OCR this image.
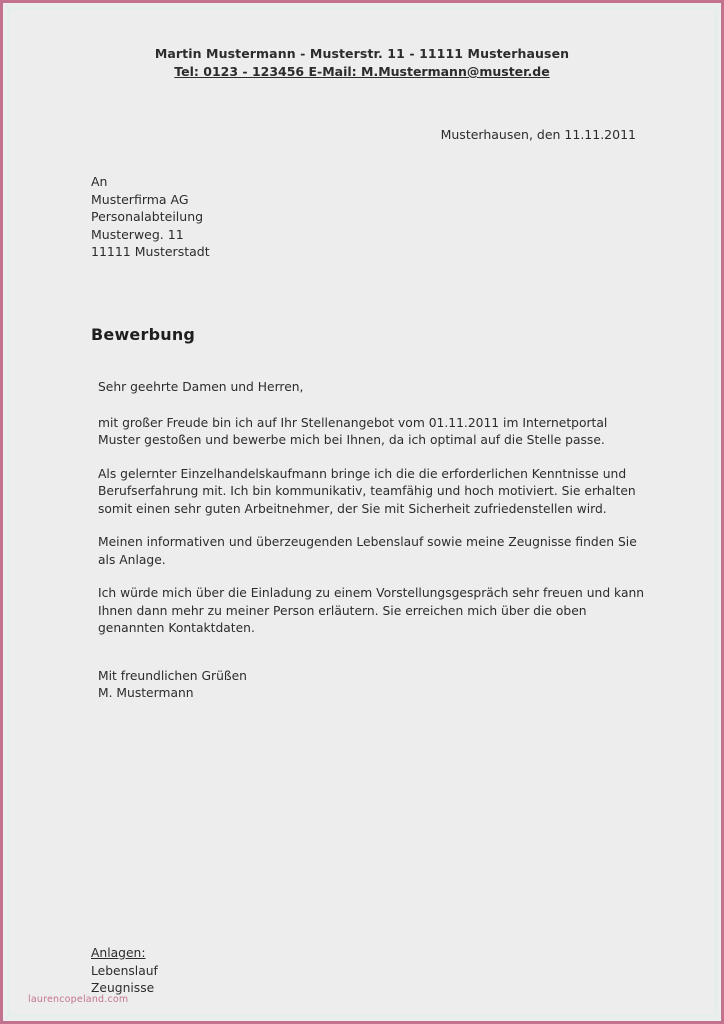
Martin Mustermann - Musterstr. 11 - 11111 Musterhausen
Tel: 0123 - 123456 E-Mail: M.Mustermann@muster.de
Musterhausen, den 11.11.2011
An
Musterfirma AG
Personalabteilung
Musterweg. 11
11111 Musterstadt
Bewerbung

Sehr geehrte Damen und Herren,

mit großer Freude bin ich auf Ihr Stellenangebot vom 01.11.2011 im Internetportal Muster gestoßen und bewerbe mich bei Ihnen, da ich optimal auf die Stelle passe.

Als gelernter Einzelhandelskaufmann bringe ich die die erforderlichen Kenntnisse und Berufserfahrung mit. Ich bin kommunikativ, teamfähig und hoch motiviert. Sie erhalten somit einen sehr guten Arbeitnehmer, der Sie mit Sicherheit zufriedenstellen wird.

Meinen informativen und überzeugenden Lebenslauf sowie meine Zeugnisse finden Sie als Anlage.

Ich würde mich über die Einladung zu einem Vorstellungsgespräch sehr freuen und kann Ihnen dann mehr zu meiner Person erläutern. Sie erreichen mich über die oben genannten Kontaktdaten.

Mit freundlichen Grüßen

M. Mustermann

Anlagen:
Lebenslauf
Zeugnisse
laurencopeland.com
